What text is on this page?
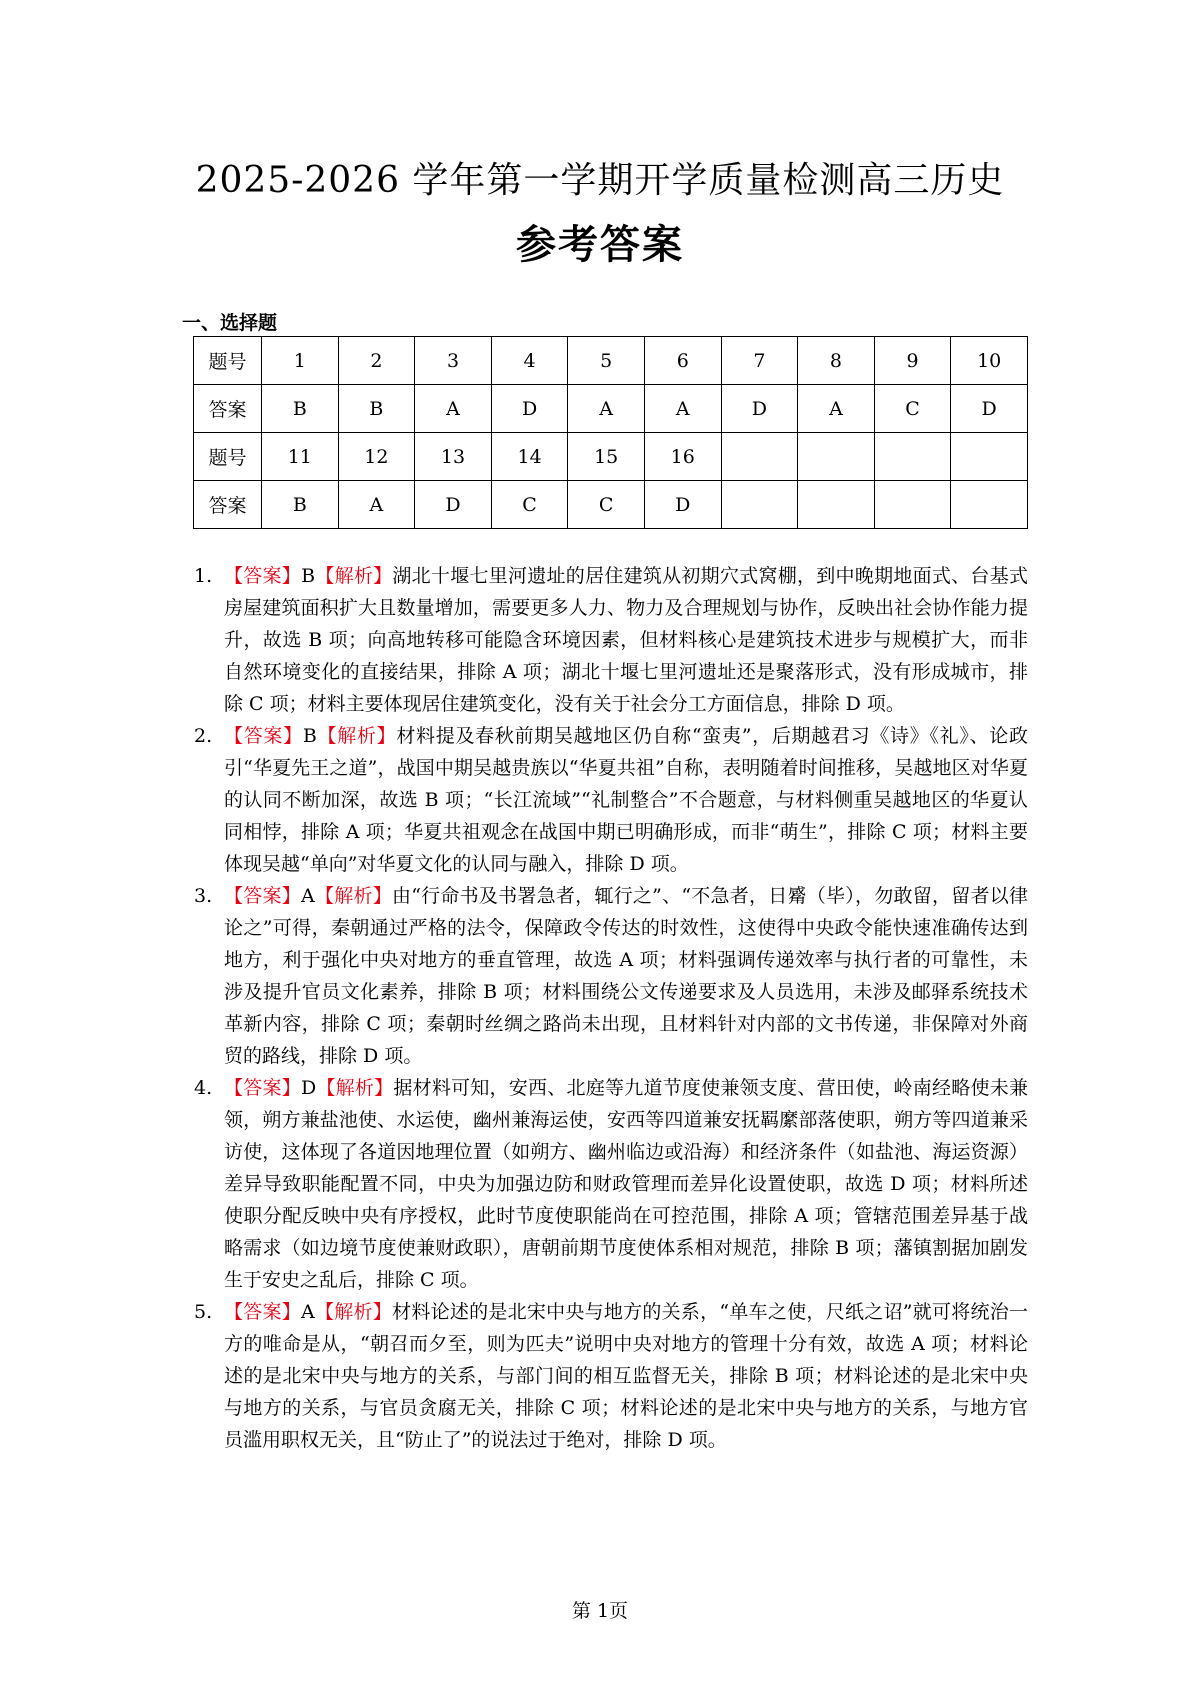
2025-2026 学年第一学期开学质量检测高三历史
参考答案
一、选择题
题号	1	2	3	4	5	6	7	8	9	10
答案	B	B	A	D	A	A	D	A	C	D
题号	11	12	13	14	15	16				
答案	B	A	D	C	C	D				

1. 【答案】B【解析】湖北十堰七里河遗址的居住建筑从初期穴式窝棚，到中晚期地面式、台基式房屋建筑面积扩大且数量增加，需要更多人力、物力及合理规划与协作，反映出社会协作能力提升，故选 B 项；向高地转移可能隐含环境因素，但材料核心是建筑技术进步与规模扩大，而非自然环境变化的直接结果，排除 A 项；湖北十堰七里河遗址还是聚落形式，没有形成城市，排除 C 项；材料主要体现居住建筑变化，没有关于社会分工方面信息，排除 D 项。

2. 【答案】B【解析】材料提及春秋前期吴越地区仍自称“蛮夷”，后期越君习《诗》《礼》、论政引“华夏先王之道”，战国中期吴越贵族以“华夏共祖”自称，表明随着时间推移，吴越地区对华夏的认同不断加深，故选 B 项；“长江流域”“礼制整合”不合题意，与材料侧重吴越地区的华夏认同相悖，排除 A 项；华夏共祖观念在战国中期已明确形成，而非“萌生”，排除 C 项；材料主要体现吴越“单向”对华夏文化的认同与融入，排除 D 项。

3. 【答案】A【解析】由“行命书及书署急者，辄行之”、“不急者，日觱（毕），勿敢留，留者以律论之”可得，秦朝通过严格的法令，保障政令传达的时效性，这使得中央政令能快速准确传达到地方，利于强化中央对地方的垂直管理，故选 A 项；材料强调传递效率与执行者的可靠性，未涉及提升官员文化素养，排除 B 项；材料围绕公文传递要求及人员选用，未涉及邮驿系统技术革新内容，排除 C 项；秦朝时丝绸之路尚未出现，且材料针对内部的文书传递，非保障对外商贸的路线，排除 D 项。

4. 【答案】D【解析】据材料可知，安西、北庭等九道节度使兼领支度、营田使，岭南经略使未兼领，朔方兼盐池使、水运使，幽州兼海运使，安西等四道兼安抚羁縻部落使职，朔方等四道兼采访使，这体现了各道因地理位置（如朔方、幽州临边或沿海）和经济条件（如盐池、海运资源）差异导致职能配置不同，中央为加强边防和财政管理而差异化设置使职，故选 D 项；材料所述使职分配反映中央有序授权，此时节度使职能尚在可控范围，排除 A 项；管辖范围差异基于战略需求（如边境节度使兼财政职），唐朝前期节度使体系相对规范，排除 B 项；藩镇割据加剧发生于安史之乱后，排除 C 项。

5. 【答案】A【解析】材料论述的是北宋中央与地方的关系，“单车之使，尺纸之诏”就可将统治一方的唯命是从，“朝召而夕至，则为匹夫”说明中央对地方的管理十分有效，故选 A 项；材料论述的是北宋中央与地方的关系，与部门间的相互监督无关，排除 B 项；材料论述的是北宋中央与地方的关系，与官员贪腐无关，排除 C 项；材料论述的是北宋中央与地方的关系，与地方官员滥用职权无关，且“防止了”的说法过于绝对，排除 D 项。

第 1页
